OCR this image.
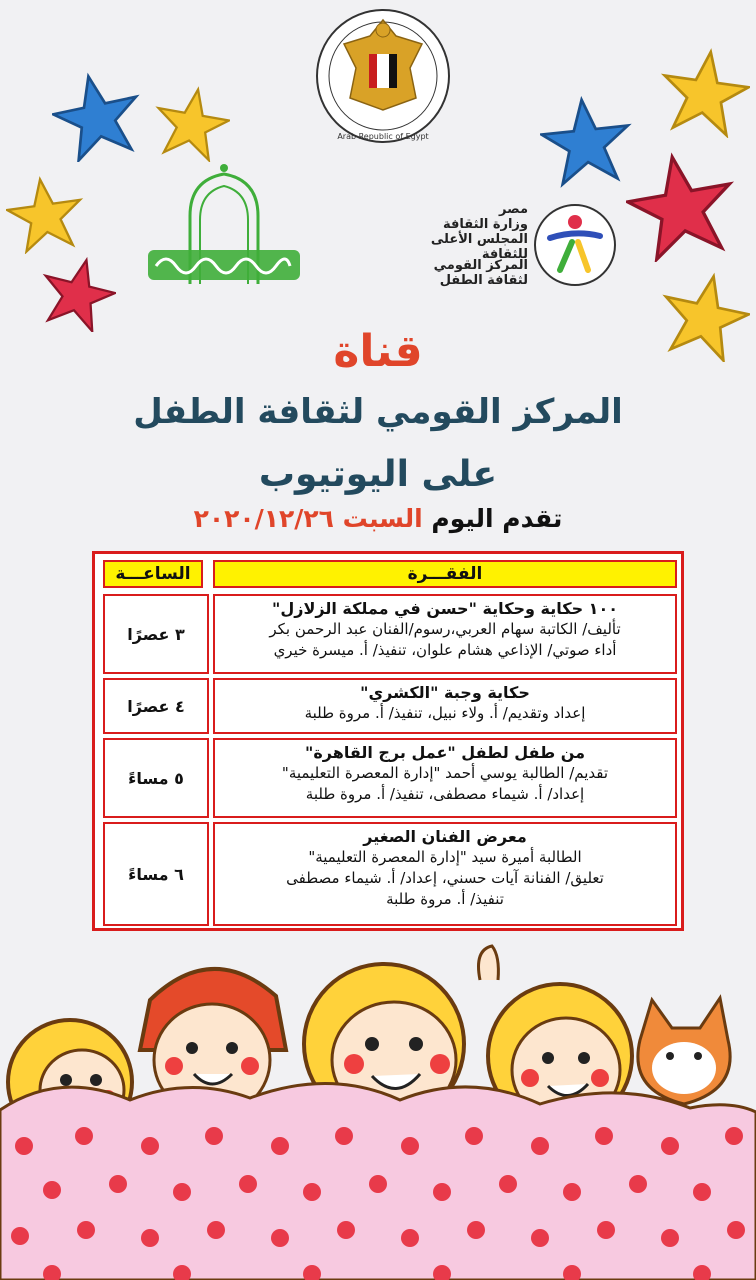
Arab Republic of Egypt
مصر
وزارة الثقافة
المجلس الأعلى للثقافة
المركز القومي لثقافة الطفل
قناة
المركز القومي لثقافة الطفل
على اليوتيوب
تقدم اليوم السبت ٢٠٢٠/١٢/٢٦
الساعـــة	الفقـــرة
٣ عصرًا
١٠٠ حكاية وحكاية "حسن في مملكة الزلازل"
تأليف/ الكاتبة سهام العربي،رسوم/الفنان عبد الرحمن بكر
أداء صوتي/ الإذاعي هشام علوان، تنفيذ/ أ. ميسرة خيري
٤ عصرًا
حكاية وجبة "الكشري"
إعداد وتقديم/ أ. ولاء نبيل، تنفيذ/ أ. مروة طلبة
٥ مساءً
من طفل لطفل "عمل برج القاهرة"
تقديم/ الطالبة يوسي أحمد "إدارة المعصرة التعليمية"
إعداد/ أ. شيماء مصطفى، تنفيذ/ أ. مروة طلبة
٦ مساءً
معرض الفنان الصغير
الطالبة أميرة سيد "إدارة المعصرة التعليمية"
تعليق/ الفنانة آيات حسني، إعداد/ أ. شيماء مصطفى
تنفيذ/ أ. مروة طلبة
